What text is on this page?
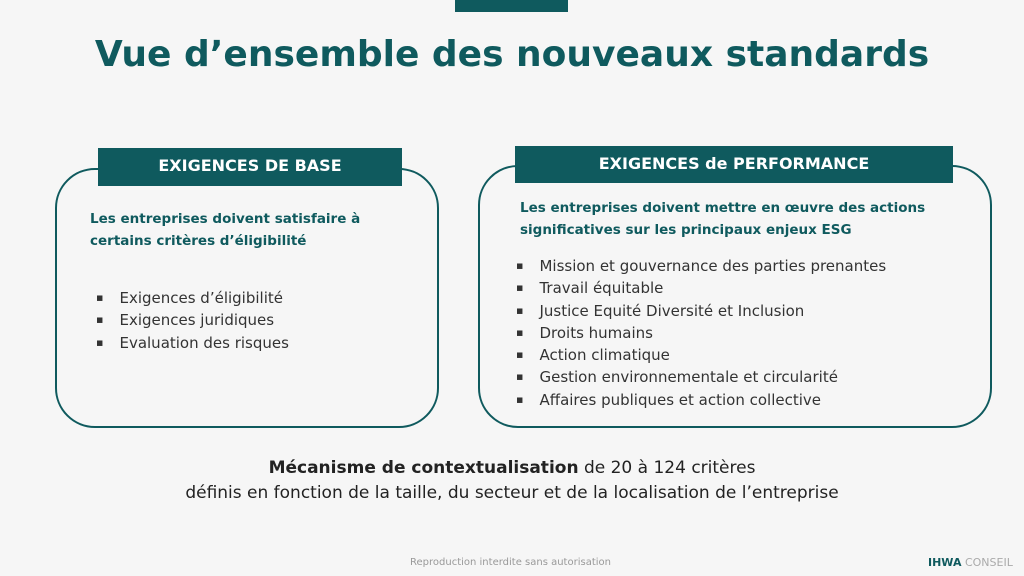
Vue d’ensemble des nouveaux standards
EXIGENCES DE BASE
Les entreprises doivent satisfaire à
certains critères d’éligibilité
▪ Exigences d’éligibilité
▪ Exigences juridiques
▪ Evaluation des risques
EXIGENCES de PERFORMANCE
Les entreprises doivent mettre en œuvre des actions
significatives sur les principaux enjeux ESG
▪ Mission et gouvernance des parties prenantes
▪ Travail équitable
▪ Justice Equité Diversité et Inclusion
▪ Droits humains
▪ Action climatique
▪ Gestion environnementale et circularité
▪ Affaires publiques et action collective
Mécanisme de contextualisation de 20 à 124 critères
définis en fonction de la taille, du secteur et de la localisation de l’entreprise
Reproduction interdite sans autorisation	IHWA CONSEIL
